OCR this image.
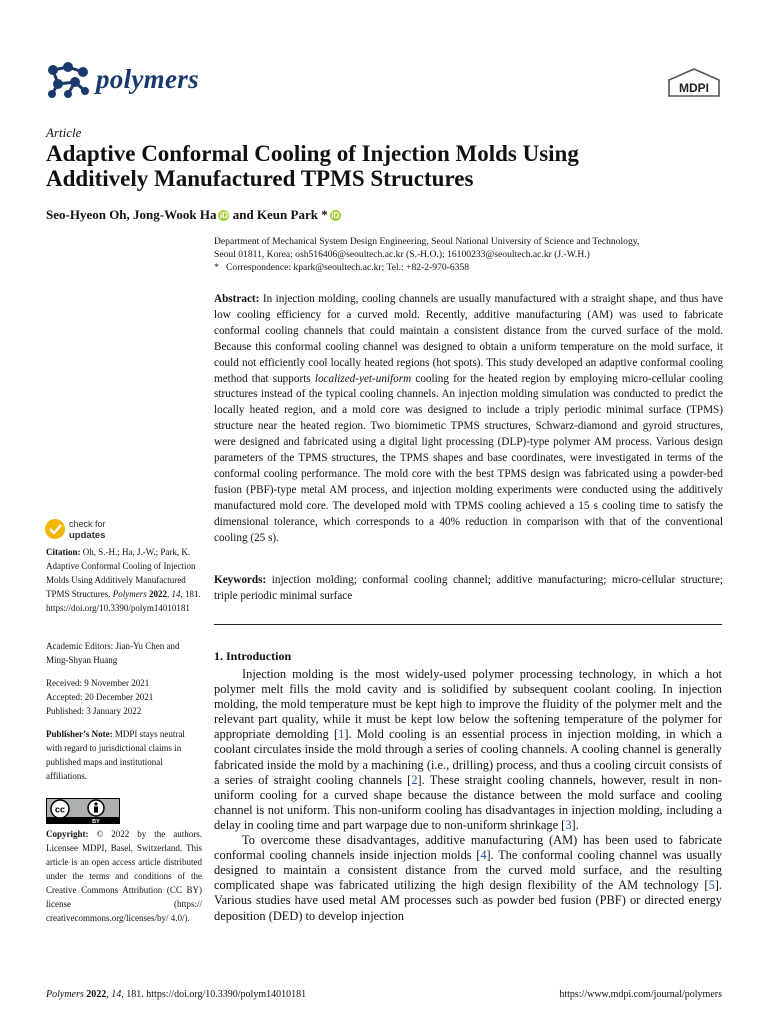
polymers	MDPI
Article
Adaptive Conformal Cooling of Injection Molds Using
Additively Manufactured TPMS Structures
Seo-Hyeon Oh, Jong-Wook Ha iD and Keun Park * iD
Department of Mechanical System Design Engineering, Seoul National University of Science and Technology,
Seoul 01811, Korea; osh516406@seoultech.ac.kr (S.-H.O.); 16100233@seoultech.ac.kr (J.-W.H.)
* Correspondence: kpark@seoultech.ac.kr; Tel.: +82-2-970-6358
Abstract: In injection molding, cooling channels are usually manufactured with a straight shape, and thus have low cooling efficiency for a curved mold. Recently, additive manufacturing (AM) was used to fabricate conformal cooling channels that could maintain a consistent distance from the curved surface of the mold. Because this conformal cooling channel was designed to obtain a uniform temperature on the mold surface, it could not efficiently cool locally heated regions (hot spots). This study developed an adaptive conformal cooling method that supports localized-yet-uniform cooling for the heated region by employing micro-cellular cooling structures instead of the typical cooling channels. An injection molding simulation was conducted to predict the locally heated region, and a mold core was designed to include a triply periodic minimal surface (TPMS) structure near the heated region. Two biomimetic TPMS structures, Schwarz-diamond and gyroid structures, were designed and fabricated using a digital light processing (DLP)-type polymer AM process. Various design parameters of the TPMS structures, the TPMS shapes and base coordinates, were investigated in terms of the conformal cooling performance. The mold core with the best TPMS design was fabricated using a powder-bed fusion (PBF)-type metal AM process, and injection molding experiments were conducted using the additively manufactured mold core. The developed mold with TPMS cooling achieved a 15 s cooling time to satisfy the dimensional tolerance, which corresponds to a 40% reduction in comparison with that of the conventional cooling (25 s).
Keywords: injection molding; conformal cooling channel; additive manufacturing; micro-cellular structure; triple periodic minimal surface
1. Introduction

Injection molding is the most widely-used polymer processing technology, in which a hot polymer melt fills the mold cavity and is solidified by subsequent coolant cooling. In injection molding, the mold temperature must be kept high to improve the fluidity of the polymer melt and the relevant part quality, while it must be kept low below the softening temperature of the polymer for appropriate demolding [1]. Mold cooling is an essential process in injection molding, in which a coolant circulates inside the mold through a series of cooling channels. A cooling channel is generally fabricated inside the mold by a machining (i.e., drilling) process, and thus a cooling circuit consists of a series of straight cooling channels [2]. These straight cooling channels, however, result in non-uniform cooling for a curved shape because the distance between the mold surface and cooling channel is not uniform. This non-uniform cooling has disadvantages in injection molding, including a delay in cooling time and part warpage due to non-uniform shrinkage [3].

To overcome these disadvantages, additive manufacturing (AM) has been used to fabricate conformal cooling channels inside injection molds [4]. The conformal cooling channel was usually designed to maintain a consistent distance from the curved mold surface, and the resulting complicated shape was fabricated utilizing the high design flexibility of the AM technology [5]. Various studies have used metal AM processes such as powder bed fusion (PBF) or directed energy deposition (DED) to develop injection

check for
updates
Citation: Oh, S.-H.; Ha, J.-W.; Park, K. Adaptive Conformal Cooling of Injection Molds Using Additively Manufactured TPMS Structures. Polymers 2022, 14, 181. https://doi.org/10.3390/polym14010181
Academic Editors: Jian-Yu Chen and Ming-Shyan Huang

Received: 9 November 2021

Accepted: 20 December 2021

Published: 3 January 2022

Publisher’s Note: MDPI stays neutral with regard to jurisdictional claims in published maps and institutional affiliations.
cc
BY
Copyright: © 2022 by the authors. Licensee MDPI, Basel, Switzerland. This article is an open access article distributed under the terms and conditions of the Creative Commons Attribution (CC BY) license (https:// creativecommons.org/licenses/by/ 4.0/).
Polymers 2022, 14, 181. https://doi.org/10.3390/polym14010181	https://www.mdpi.com/journal/polymers
